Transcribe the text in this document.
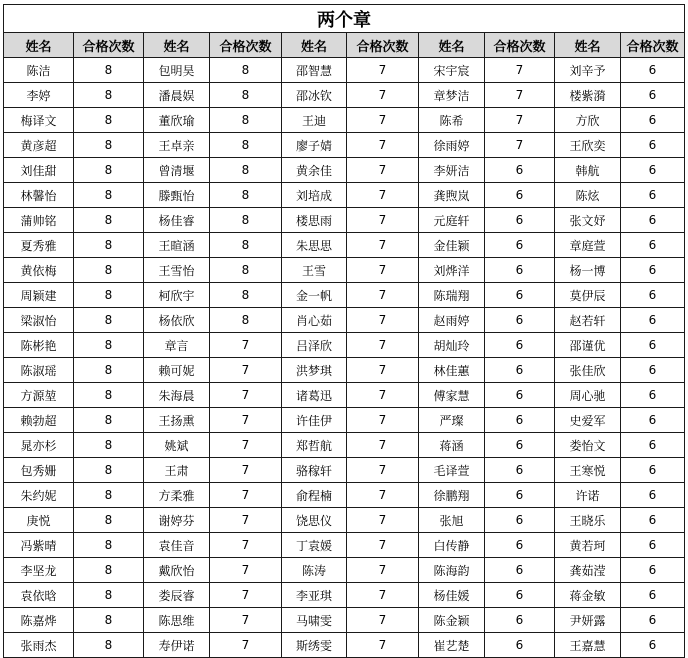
两个章									
姓名	合格次数	姓名	合格次数	姓名	合格次数	姓名	合格次数	姓名	合格次数
陈洁	8	包明昊	8	邵智慧	7	宋宇宸	7	刘辛予	6
李婷	8	潘晨娱	8	邵冰钦	7	章梦洁	7	楼紫漪	6
梅译文	8	董欣瑜	8	王迪	7	陈希	7	方欣	6
黄彦超	8	王卓亲	8	廖子婧	7	徐雨婷	7	王欣奕	6
刘佳甜	8	曾清堰	8	黄余佳	7	李妍洁	6	韩航	6
林馨怡	8	滕甄怡	8	刘培成	7	龚煦岚	6	陈炫	6
蒲帅铭	8	杨佳睿	8	楼思雨	7	元庭轩	6	张文妤	6
夏秀雅	8	王暄涵	8	朱思思	7	金佳颖	6	章庭萱	6
黄依梅	8	王雪怡	8	王雪	7	刘烨洋	6	杨一博	6
周颖建	8	柯欣宇	8	金一帆	7	陈瑞翔	6	莫伊辰	6
梁淑怡	8	杨依欣	8	肖心茹	7	赵雨婷	6	赵若轩	6
陈彬艳	8	章言	7	吕泽欣	7	胡灿玲	6	邵谨优	6
陈淑瑶	8	赖可妮	7	洪梦琪	7	林佳蕙	6	张佳欣	6
方源堃	8	朱海晨	7	诸葛迅	7	傅家慧	6	周心驰	6
赖勃超	8	王扬熏	7	许佳伊	7	严璨	6	史爱军	6
晁亦杉	8	姚斌	7	郑哲航	7	蒋涵	6	娄怡文	6
包秀姗	8	王肃	7	骆稼轩	7	毛译萱	6	王寒悦	6
朱约妮	8	方柔雅	7	俞程楠	7	徐鹏翔	6	许诺	6
庚悦	8	谢婷芬	7	饶思仪	7	张旭	6	王晓乐	6
冯紫晴	8	袁佳音	7	丁袁媛	7	白传静	6	黄若珂	6
李坚龙	8	戴欣怡	7	陈涛	7	陈海韵	6	龚茹滢	6
袁依晗	8	娄辰睿	7	李亚琪	7	杨佳媛	6	蒋金敏	6
陈嘉烨	8	陈思维	7	马啸雯	7	陈金颖	6	尹妍露	6
张雨杰	8	寿伊诺	7	斯绣雯	7	崔艺楚	6	王嘉慧	6
